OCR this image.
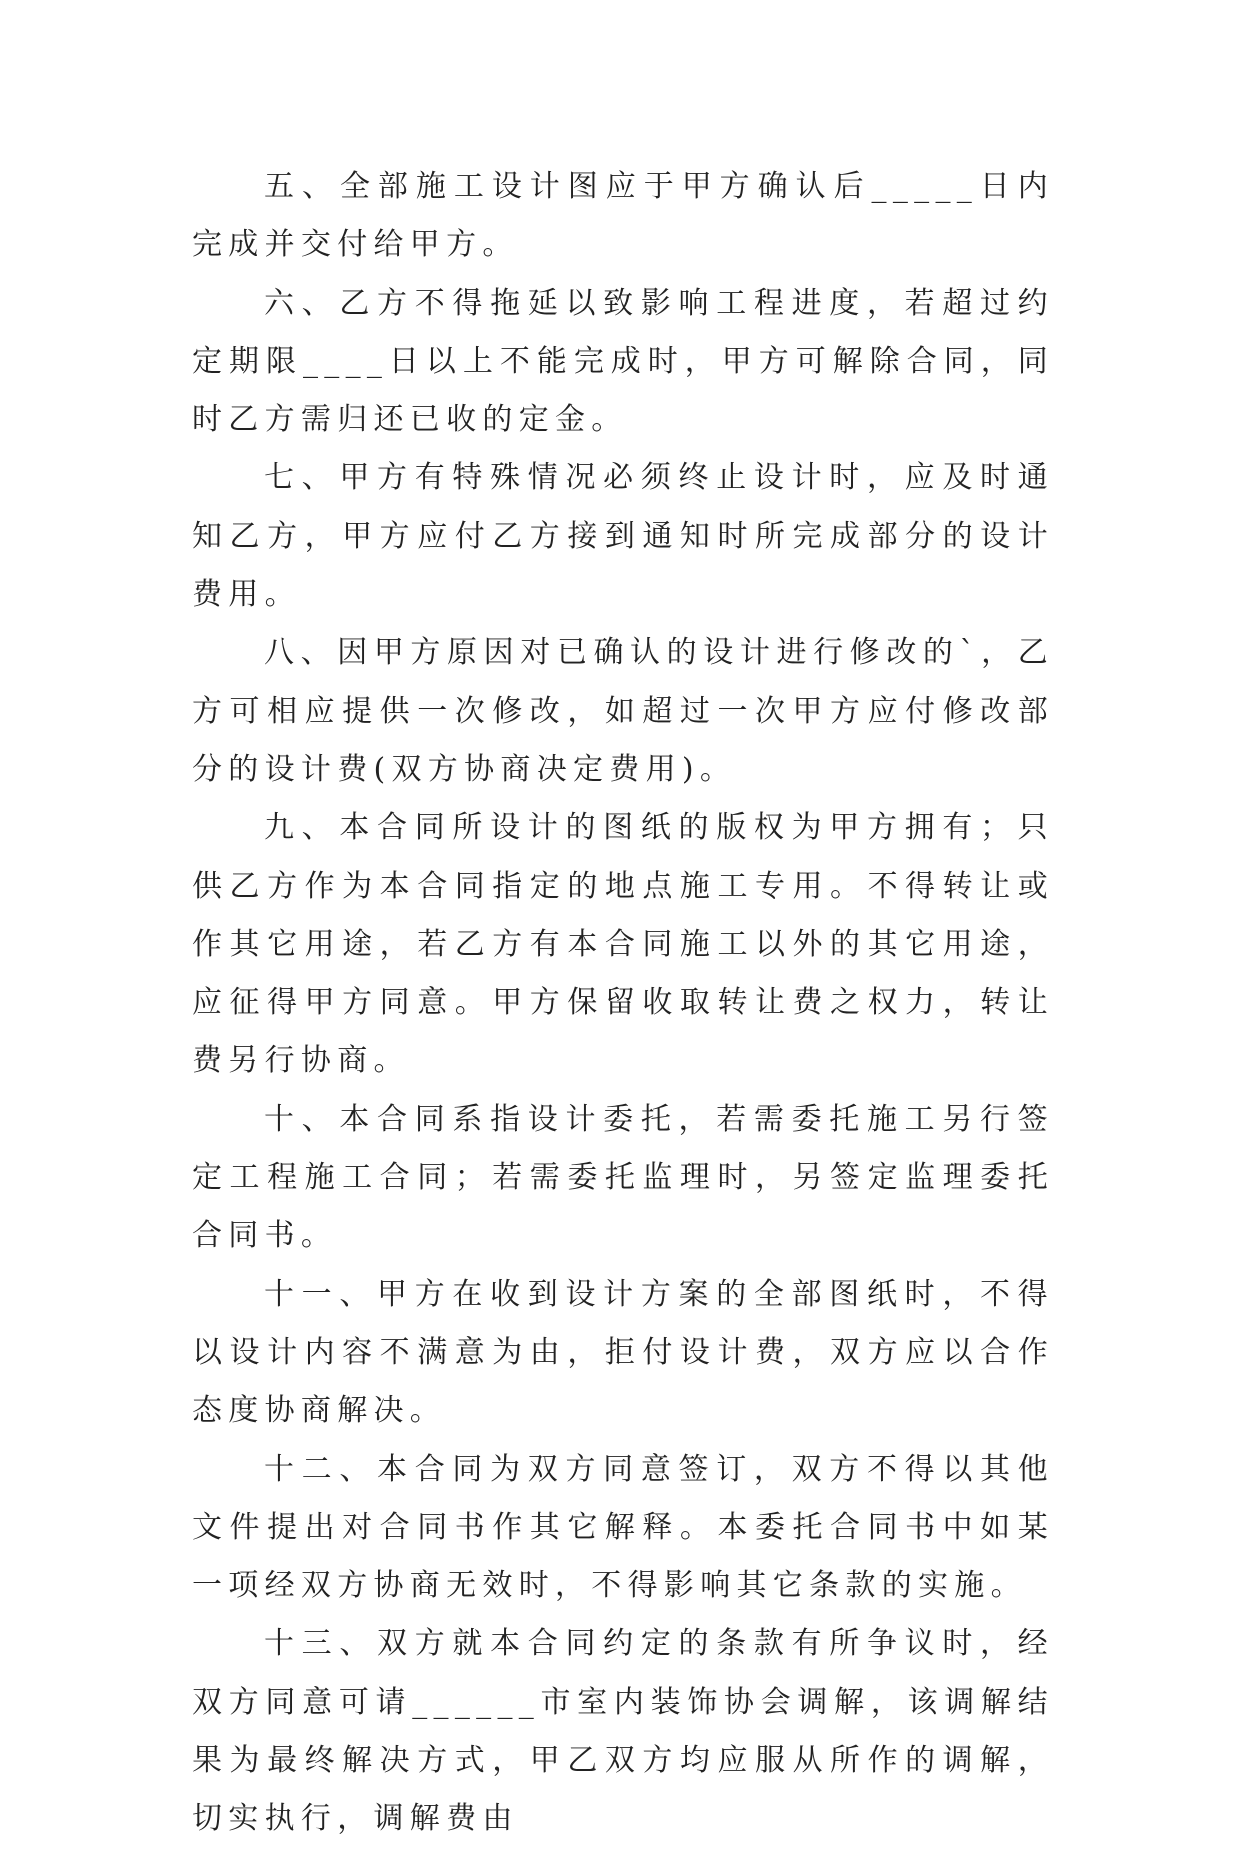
五、全部施工设计图应于甲方确认后_____日内完成并交付给甲方。

六、乙方不得拖延以致影响工程进度，若超过约定期限____日以上不能完成时，甲方可解除合同，同时乙方需归还已收的定金。

七、甲方有特殊情况必须终止设计时，应及时通知乙方，甲方应付乙方接到通知时所完成部分的设计费用。

八、因甲方原因对已确认的设计进行修改的`，乙方可相应提供一次修改，如超过一次甲方应付修改部分的设计费(双方协商决定费用)。

九、本合同所设计的图纸的版权为甲方拥有；只供乙方作为本合同指定的地点施工专用。不得转让或作其它用途，若乙方有本合同施工以外的其它用途，应征得甲方同意。甲方保留收取转让费之权力，转让费另行协商。

十、本合同系指设计委托，若需委托施工另行签定工程施工合同；若需委托监理时，另签定监理委托合同书。

十一、甲方在收到设计方案的全部图纸时，不得以设计内容不满意为由，拒付设计费，双方应以合作态度协商解决。

十二、本合同为双方同意签订，双方不得以其他文件提出对合同书作其它解释。本委托合同书中如某一项经双方协商无效时，不得影响其它条款的实施。

十三、双方就本合同约定的条款有所争议时，经双方同意可请______市室内装饰协会调解，该调解结果为最终解决方式，甲乙双方均应服从所作的调解，切实执行，调解费由
